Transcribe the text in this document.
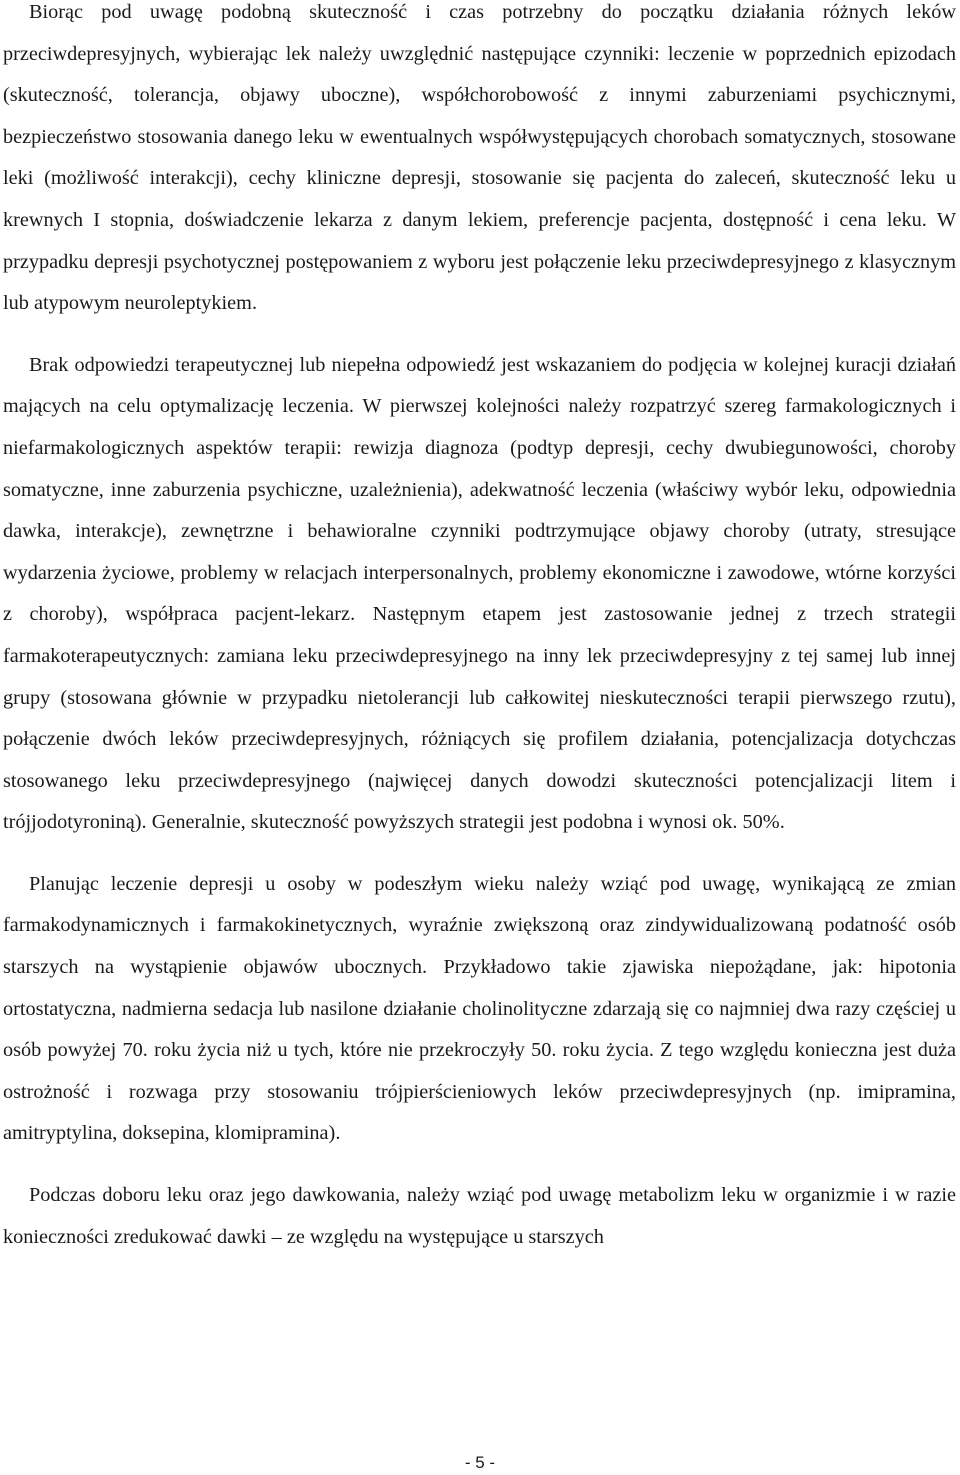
Biorąc pod uwagę podobną skuteczność i czas potrzebny do początku działania różnych leków przeciwdepresyjnych, wybierając lek należy uwzględnić następujące czynniki: leczenie w poprzednich epizodach (skuteczność, tolerancja, objawy uboczne), współchorobowość z innymi zaburzeniami psychicznymi, bezpieczeństwo stosowania danego leku w ewentualnych współwystępujących chorobach somatycznych, stosowane leki (możliwość interakcji), cechy kliniczne depresji, stosowanie się pacjenta do zaleceń, skuteczność leku u krewnych I stopnia, doświadczenie lekarza z danym lekiem, preferencje pacjenta, dostępność i cena leku. W przypadku depresji psychotycznej postępowaniem z wyboru jest połączenie leku przeciwdepresyjnego z klasycznym lub atypowym neuroleptykiem.

Brak odpowiedzi terapeutycznej lub niepełna odpowiedź jest wskazaniem do podjęcia w kolejnej kuracji działań mających na celu optymalizację leczenia. W pierwszej kolejności należy rozpatrzyć szereg farmakologicznych i niefarmakologicznych aspektów terapii: rewizja diagnoza (podtyp depresji, cechy dwubiegunowości, choroby somatyczne, inne zaburzenia psychiczne, uzależnienia), adekwatność leczenia (właściwy wybór leku, odpowiednia dawka, interakcje), zewnętrzne i behawioralne czynniki podtrzymujące objawy choroby (utraty, stresujące wydarzenia życiowe, problemy w relacjach interpersonalnych, problemy ekonomiczne i zawodowe, wtórne korzyści z choroby), współpraca pacjent-lekarz. Następnym etapem jest zastosowanie jednej z trzech strategii farmakoterapeutycznych: zamiana leku przeciwdepresyjnego na inny lek przeciwdepresyjny z tej samej lub innej grupy (stosowana głównie w przypadku nietolerancji lub całkowitej nieskuteczności terapii pierwszego rzutu), połączenie dwóch leków przeciwdepresyjnych, różniących się profilem działania, potencjalizacja dotychczas stosowanego leku przeciwdepresyjnego (najwięcej danych dowodzi skuteczności potencjalizacji litem i trójjodotyroniną). Generalnie, skuteczność powyższych strategii jest podobna i wynosi ok. 50%.

Planując leczenie depresji u osoby w podeszłym wieku należy wziąć pod uwagę, wynikającą ze zmian farmakodynamicznych i farmakokinetycznych, wyraźnie zwiększoną oraz zindywidualizowaną podatność osób starszych na wystąpienie objawów ubocznych. Przykładowo takie zjawiska niepożądane, jak: hipotonia ortostatyczna, nadmierna sedacja lub nasilone działanie cholinolityczne zdarzają się co najmniej dwa razy częściej u osób powyżej 70. roku życia niż u tych, które nie przekroczyły 50. roku życia. Z tego względu konieczna jest duża ostrożność i rozwaga przy stosowaniu trójpierścieniowych leków przeciwdepresyjnych (np. imipramina, amitryptylina, doksepina, klomipramina).

Podczas doboru leku oraz jego dawkowania, należy wziąć pod uwagę metabolizm leku w organizmie i w razie konieczności zredukować dawki – ze względu na występujące u starszych

- 5 -
